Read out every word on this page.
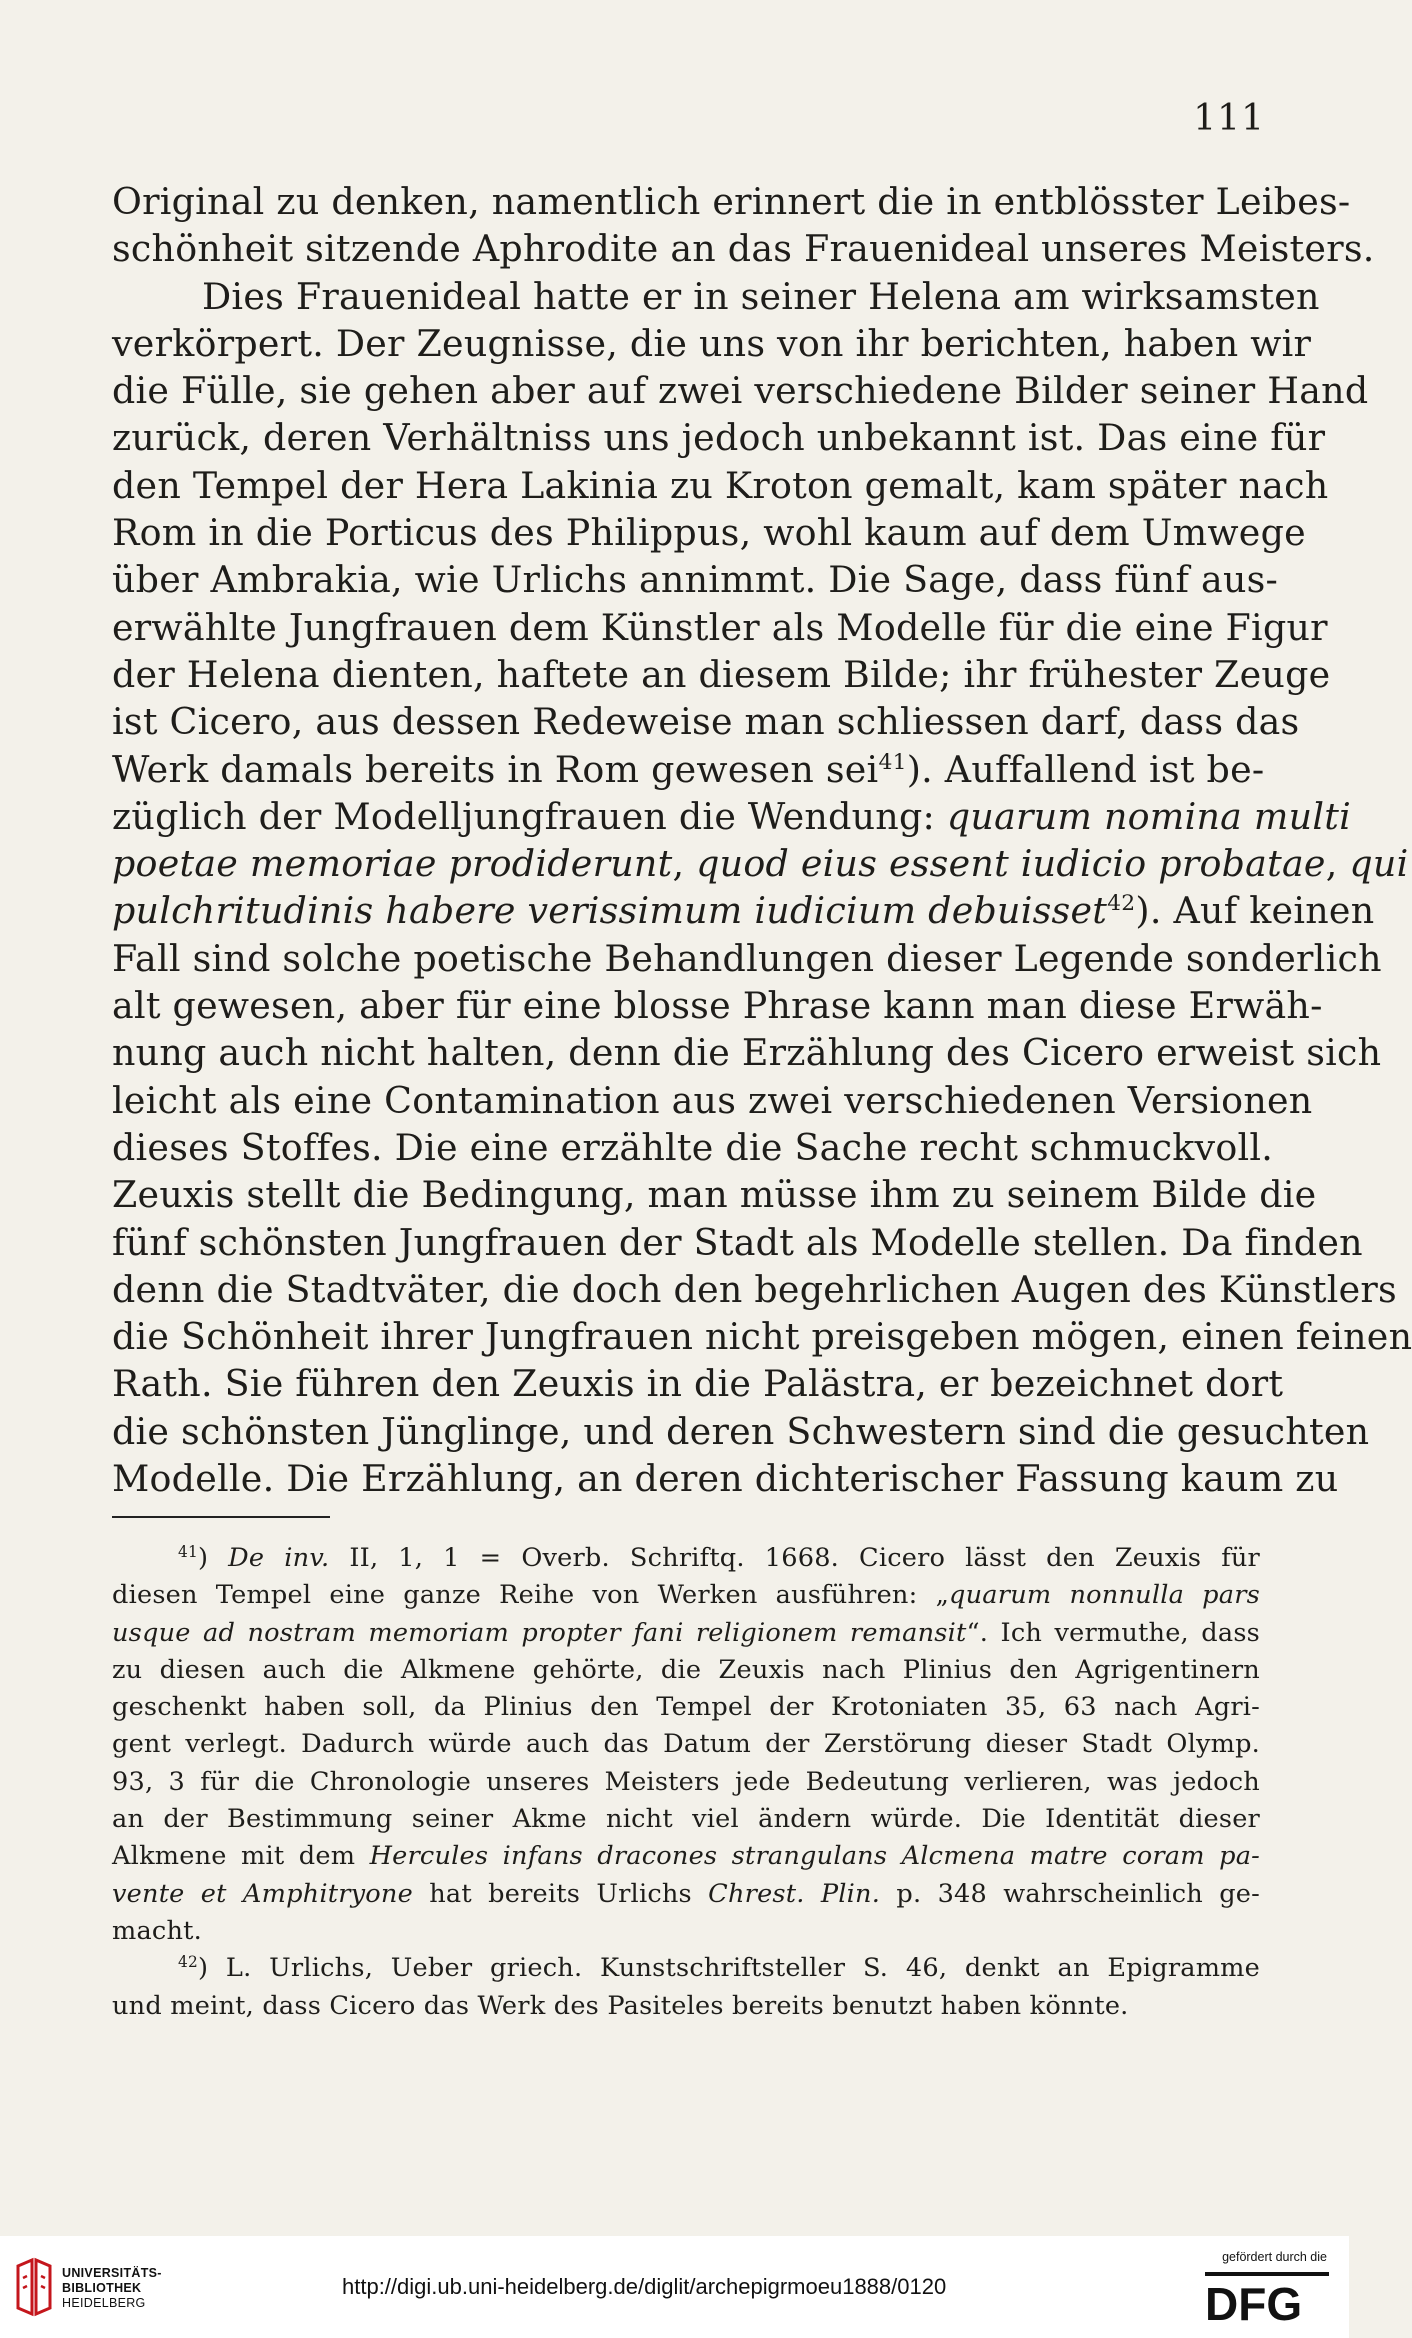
111
Original zu denken, namentlich erinnert die in entblösster Leibes-
schönheit sitzende Aphrodite an das Frauenideal unseres Meisters.
Dies Frauenideal hatte er in seiner Helena am wirksamsten
verkörpert. Der Zeugnisse, die uns von ihr berichten, haben wir
die Fülle, sie gehen aber auf zwei verschiedene Bilder seiner Hand
zurück, deren Verhältniss uns jedoch unbekannt ist. Das eine für
den Tempel der Hera Lakinia zu Kroton gemalt, kam später nach
Rom in die Porticus des Philippus, wohl kaum auf dem Umwege
über Ambrakia, wie Urlichs annimmt. Die Sage, dass fünf aus-
erwählte Jungfrauen dem Künstler als Modelle für die eine Figur
der Helena dienten, haftete an diesem Bilde; ihr frühester Zeuge
ist Cicero, aus dessen Redeweise man schliessen darf, dass das
Werk damals bereits in Rom gewesen sei$^{41}$). Auffallend ist be-
züglich der Modelljungfrauen die Wendung: quarum nomina multi
poetae memoriae prodiderunt, quod eius essent iudicio probatae, qui
pulchritudinis habere verissimum iudicium debuisset$^{42}$). Auf keinen
Fall sind solche poetische Behandlungen dieser Legende sonderlich
alt gewesen, aber für eine blosse Phrase kann man diese Erwäh-
nung auch nicht halten, denn die Erzählung des Cicero erweist sich
leicht als eine Contamination aus zwei verschiedenen Versionen
dieses Stoffes. Die eine erzählte die Sache recht schmuckvoll.
Zeuxis stellt die Bedingung, man müsse ihm zu seinem Bilde die
fünf schönsten Jungfrauen der Stadt als Modelle stellen. Da finden
denn die Stadtväter, die doch den begehrlichen Augen des Künstlers
die Schönheit ihrer Jungfrauen nicht preisgeben mögen, einen feinen
Rath. Sie führen den Zeuxis in die Palästra, er bezeichnet dort
die schönsten Jünglinge, und deren Schwestern sind die gesuchten
Modelle. Die Erzählung, an deren dichterischer Fassung kaum zu
$^{41}$) De inv. II, 1, 1 = Overb. Schriftq. 1668. Cicero lässt den Zeuxis für
diesen Tempel eine ganze Reihe von Werken ausführen: „quarum nonnulla pars
usque ad nostram memoriam propter fani religionem remansit“. Ich vermuthe, dass
zu diesen auch die Alkmene gehörte, die Zeuxis nach Plinius den Agrigentinern
geschenkt haben soll, da Plinius den Tempel der Krotoniaten 35, 63 nach Agri-
gent verlegt. Dadurch würde auch das Datum der Zerstörung dieser Stadt Olymp.
93, 3 für die Chronologie unseres Meisters jede Bedeutung verlieren, was jedoch
an der Bestimmung seiner Akme nicht viel ändern würde. Die Identität dieser
Alkmene mit dem Hercules infans dracones strangulans Alcmena matre coram pa-
vente et Amphitryone hat bereits Urlichs Chrest. Plin. p. 348 wahrscheinlich ge-
macht.
$^{42}$) L. Urlichs, Ueber griech. Kunstschriftsteller S. 46, denkt an Epigramme
und meint, dass Cicero das Werk des Pasiteles bereits benutzt haben könnte.
UNIVERSITÄTS-
BIBLIOTHEK
HEIDELBERG
http://digi.ub.uni-heidelberg.de/diglit/archepigrmoeu1888/0120
gefördert durch die
DFG
